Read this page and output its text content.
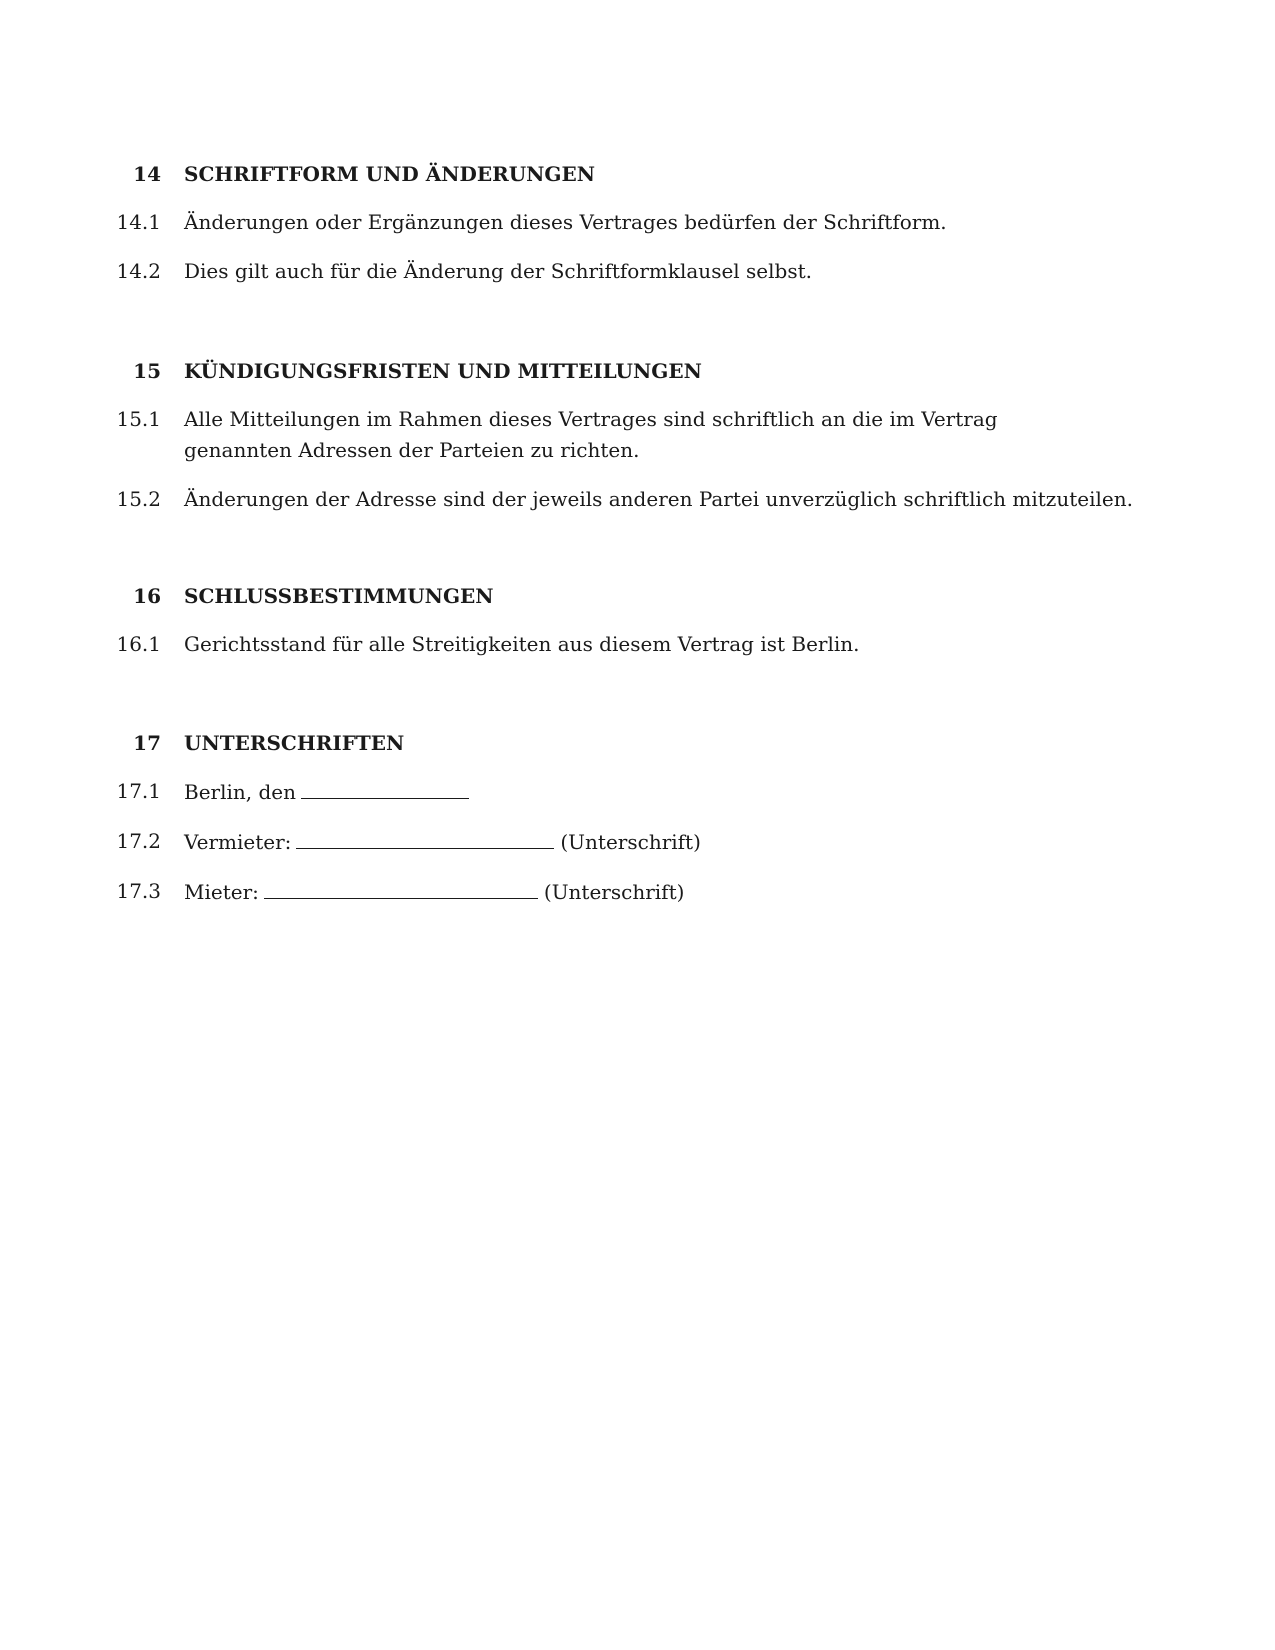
14	SCHRIFTFORM UND ÄNDERUNGEN
14.1	Änderungen oder Ergänzungen dieses Vertrages bedürfen der Schriftform.
14.2	Dies gilt auch für die Änderung der Schriftformklausel selbst.
15	KÜNDIGUNGSFRISTEN UND MITTEILUNGEN
15.1	Alle Mitteilungen im Rahmen dieses Vertrages sind schriftlich an die im Vertrag genannten Adressen der Parteien zu richten.
15.2	Änderungen der Adresse sind der jeweils anderen Partei unverzüglich schriftlich mitzuteilen.
16	SCHLUSSBESTIMMUNGEN
16.1	Gerichtsstand für alle Streitigkeiten aus diesem Vertrag ist Berlin.
17	UNTERSCHRIFTEN
17.1	Berlin, den
17.2	Vermieter:	(Unterschrift)
17.3	Mieter:	(Unterschrift)
